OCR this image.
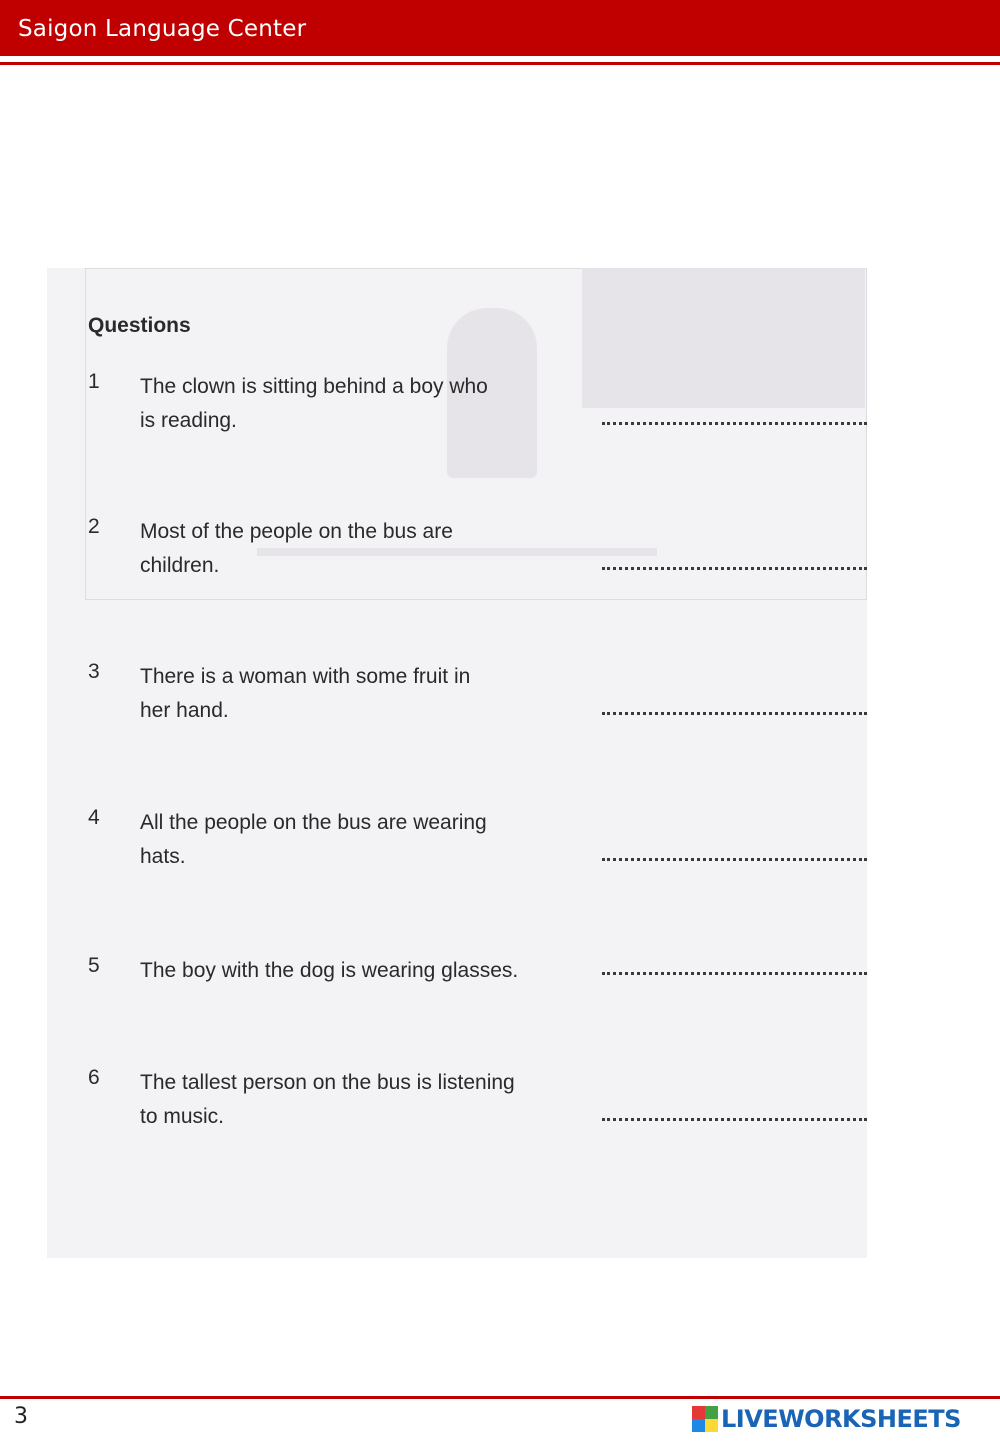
Saigon Language Center
Questions
1 The clown is sitting behind a boy who
is reading.
2 Most of the people on the bus are
children.
3 There is a woman with some fruit in
her hand.
4 All the people on the bus are wearing
hats.
5 The boy with the dog is wearing glasses.
6 The tallest person on the bus is listening
to music.
3	LIVEWORKSHEETS
